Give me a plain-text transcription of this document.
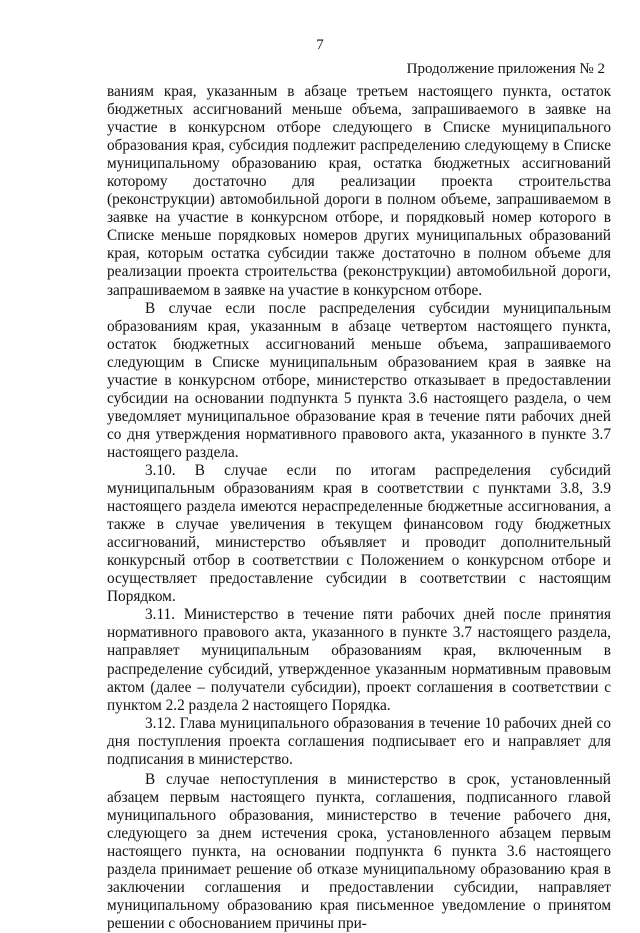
7
Продолжение приложения № 2

ваниям края, указанным в абзаце третьем настоящего пункта, остаток бюджетных ассигнований меньше объема, запрашиваемого в заявке на участие в конкурсном отборе следующего в Списке муниципального образования края, субсидия подлежит распределению следующему в Списке муниципальному образованию края, остатка бюджетных ассигнований которому достаточно для реализации проекта строительства (реконструкции) автомобильной дороги в полном объеме, запрашиваемом в заявке на участие в конкурсном отборе, и порядковый номер которого в Списке меньше порядковых номеров других муниципальных образований края, которым остатка субсидии также достаточно в полном объеме для реализации проекта строительства (реконструкции) автомобильной дороги, запрашиваемом в заявке на участие в конкурсном отборе.

В случае если после распределения субсидии муниципальным образованиям края, указанным в абзаце четвертом настоящего пункта, остаток бюджетных ассигнований меньше объема, запрашиваемого следующим в Списке муниципальным образованием края в заявке на участие в конкурсном отборе, министерство отказывает в предоставлении субсидии на основании подпункта 5 пункта 3.6 настоящего раздела, о чем уведомляет муниципальное образование края в течение пяти рабочих дней со дня утверждения нормативного правового акта, указанного в пункте 3.7 настоящего раздела.

3.10. В случае если по итогам распределения субсидий муниципальным образованиям края в соответствии с пунктами 3.8, 3.9 настоящего раздела имеются нераспределенные бюджетные ассигнования, а также в случае увеличения в текущем финансовом году бюджетных ассигнований, министерство объявляет и проводит дополнительный конкурсный отбор в соответствии с Положением о конкурсном отборе и осуществляет предоставление субсидии в соответствии с настоящим Порядком.

3.11. Министерство в течение пяти рабочих дней после принятия нормативного правового акта, указанного в пункте 3.7 настоящего раздела, направляет муниципальным образованиям края, включенным в распределение субсидий, утвержденное указанным нормативным правовым актом (далее – получатели субсидии), проект соглашения в соответствии с пунктом 2.2 раздела 2 настоящего Порядка.

3.12. Глава муниципального образования в течение 10 рабочих дней со дня поступления проекта соглашения подписывает его и направляет для подписания в министерство.

В случае непоступления в министерство в срок, установленный абзацем первым настоящего пункта, соглашения, подписанного главой муниципального образования, министерство в течение рабочего дня, следующего за днем истечения срока, установленного абзацем первым настоящего пункта, на основании подпункта 6 пункта 3.6 настоящего раздела принимает решение об отказе муниципальному образованию края в заключении соглашения и предоставлении субсидии, направляет муниципальному образованию края письменное уведомление о принятом решении с обоснованием причины при-
